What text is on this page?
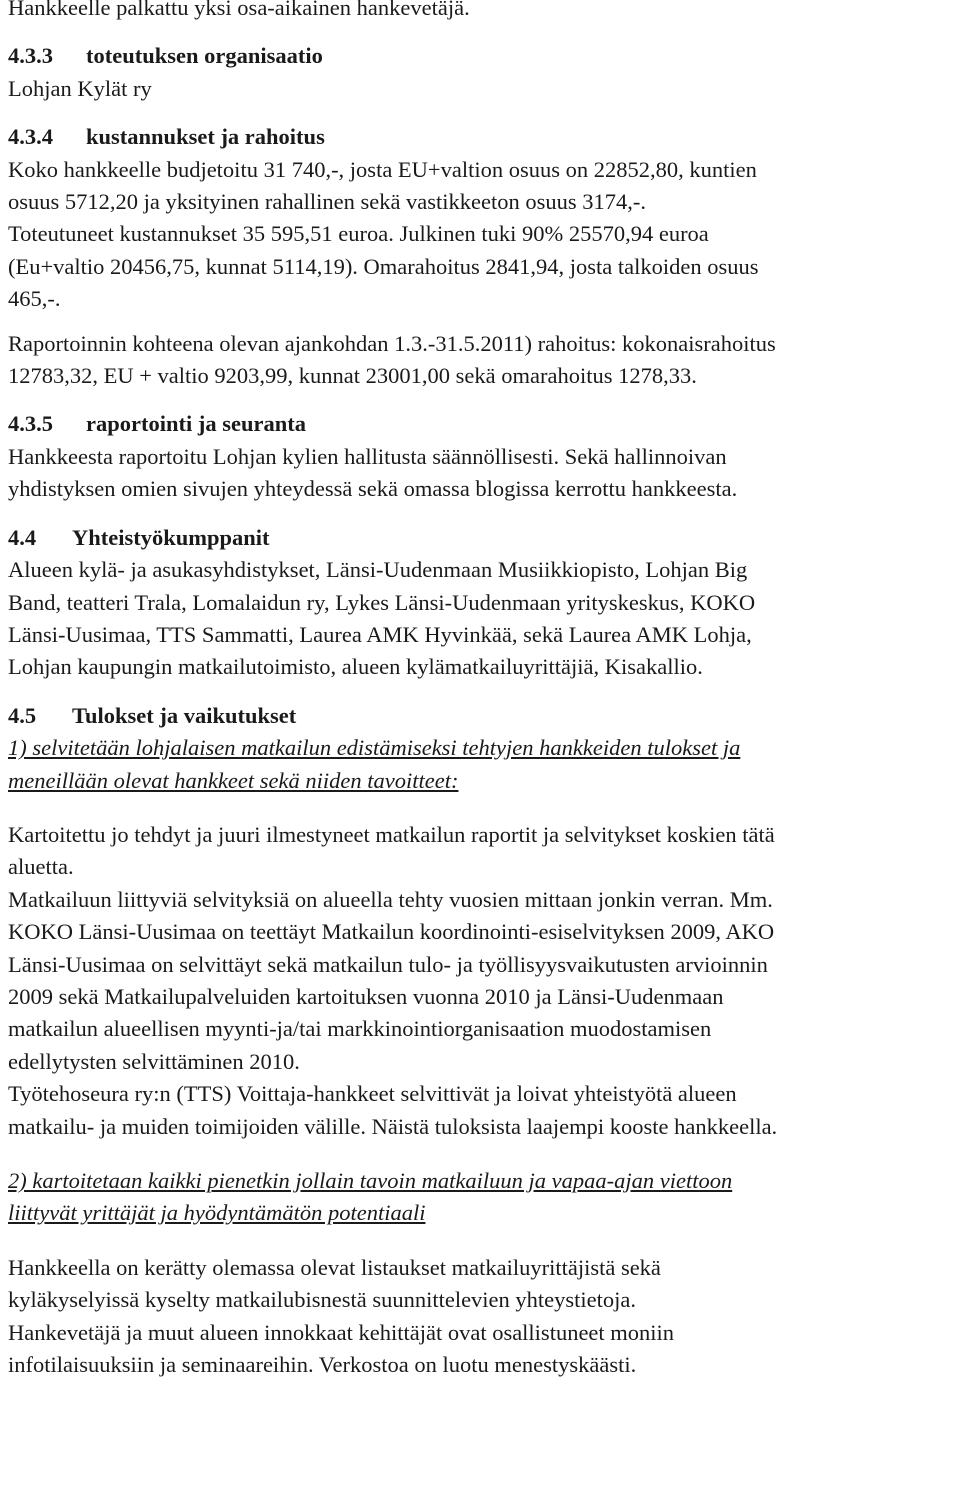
Hankkeelle palkattu yksi osa-aikainen hankevetäjä.
4.3.3 toteutuksen organisaatio
Lohjan Kylät ry
4.3.4 kustannukset ja rahoitus
Koko hankkeelle budjetoitu 31 740,-, josta EU+valtion osuus on 22852,80, kuntien
osuus 5712,20 ja yksityinen rahallinen sekä vastikkeeton osuus 3174,-.
Toteutuneet kustannukset 35 595,51 euroa. Julkinen tuki 90% 25570,94 euroa
(Eu+valtio 20456,75, kunnat 5114,19). Omarahoitus 2841,94, josta talkoiden osuus
465,-.
Raportoinnin kohteena olevan ajankohdan 1.3.-31.5.2011) rahoitus: kokonaisrahoitus
12783,32, EU + valtio 9203,99, kunnat 23001,00 sekä omarahoitus 1278,33.
4.3.5 raportointi ja seuranta
Hankkeesta raportoitu Lohjan kylien hallitusta säännöllisesti. Sekä hallinnoivan
yhdistyksen omien sivujen yhteydessä sekä omassa blogissa kerrottu hankkeesta.
4.4 Yhteistyökumppanit
Alueen kylä- ja asukasyhdistykset, Länsi-Uudenmaan Musiikkiopisto, Lohjan Big
Band, teatteri Trala, Lomalaidun ry, Lykes Länsi-Uudenmaan yrityskeskus, KOKO
Länsi-Uusimaa, TTS Sammatti, Laurea AMK Hyvinkää, sekä Laurea AMK Lohja,
Lohjan kaupungin matkailutoimisto, alueen kylämatkailuyrittäjiä, Kisakallio.
4.5 Tulokset ja vaikutukset
1) selvitetään lohjalaisen matkailun edistämiseksi tehtyjen hankkeiden tulokset ja
meneillään olevat hankkeet sekä niiden tavoitteet:
Kartoitettu jo tehdyt ja juuri ilmestyneet matkailun raportit ja selvitykset koskien tätä
aluetta.
Matkailuun liittyviä selvityksiä on alueella tehty vuosien mittaan jonkin verran. Mm.
KOKO Länsi-Uusimaa on teettäyt Matkailun koordinointi-esiselvityksen 2009, AKO
Länsi-Uusimaa on selvittäyt sekä matkailun tulo- ja työllisyysvaikutusten arvioinnin
2009 sekä Matkailupalveluiden kartoituksen vuonna 2010 ja Länsi-Uudenmaan
matkailun alueellisen myynti-ja/tai markkinointiorganisaation muodostamisen
edellytysten selvittäminen 2010.
Työtehoseura ry:n (TTS) Voittaja-hankkeet selvittivät ja loivat yhteistyötä alueen
matkailu- ja muiden toimijoiden välille. Näistä tuloksista laajempi kooste hankkeella.
2) kartoitetaan kaikki pienetkin jollain tavoin matkailuun ja vapaa-ajan viettoon
liittyvät yrittäjät ja hyödyntämätön potentiaali
Hankkeella on kerätty olemassa olevat listaukset matkailuyrittäjistä sekä
kyläkyselyissä kyselty matkailubisnestä suunnittelevien yhteystietoja.
Hankevetäjä ja muut alueen innokkaat kehittäjät ovat osallistuneet moniin
infotilaisuuksiin ja seminaareihin. Verkostoa on luotu menestyskäästi.
